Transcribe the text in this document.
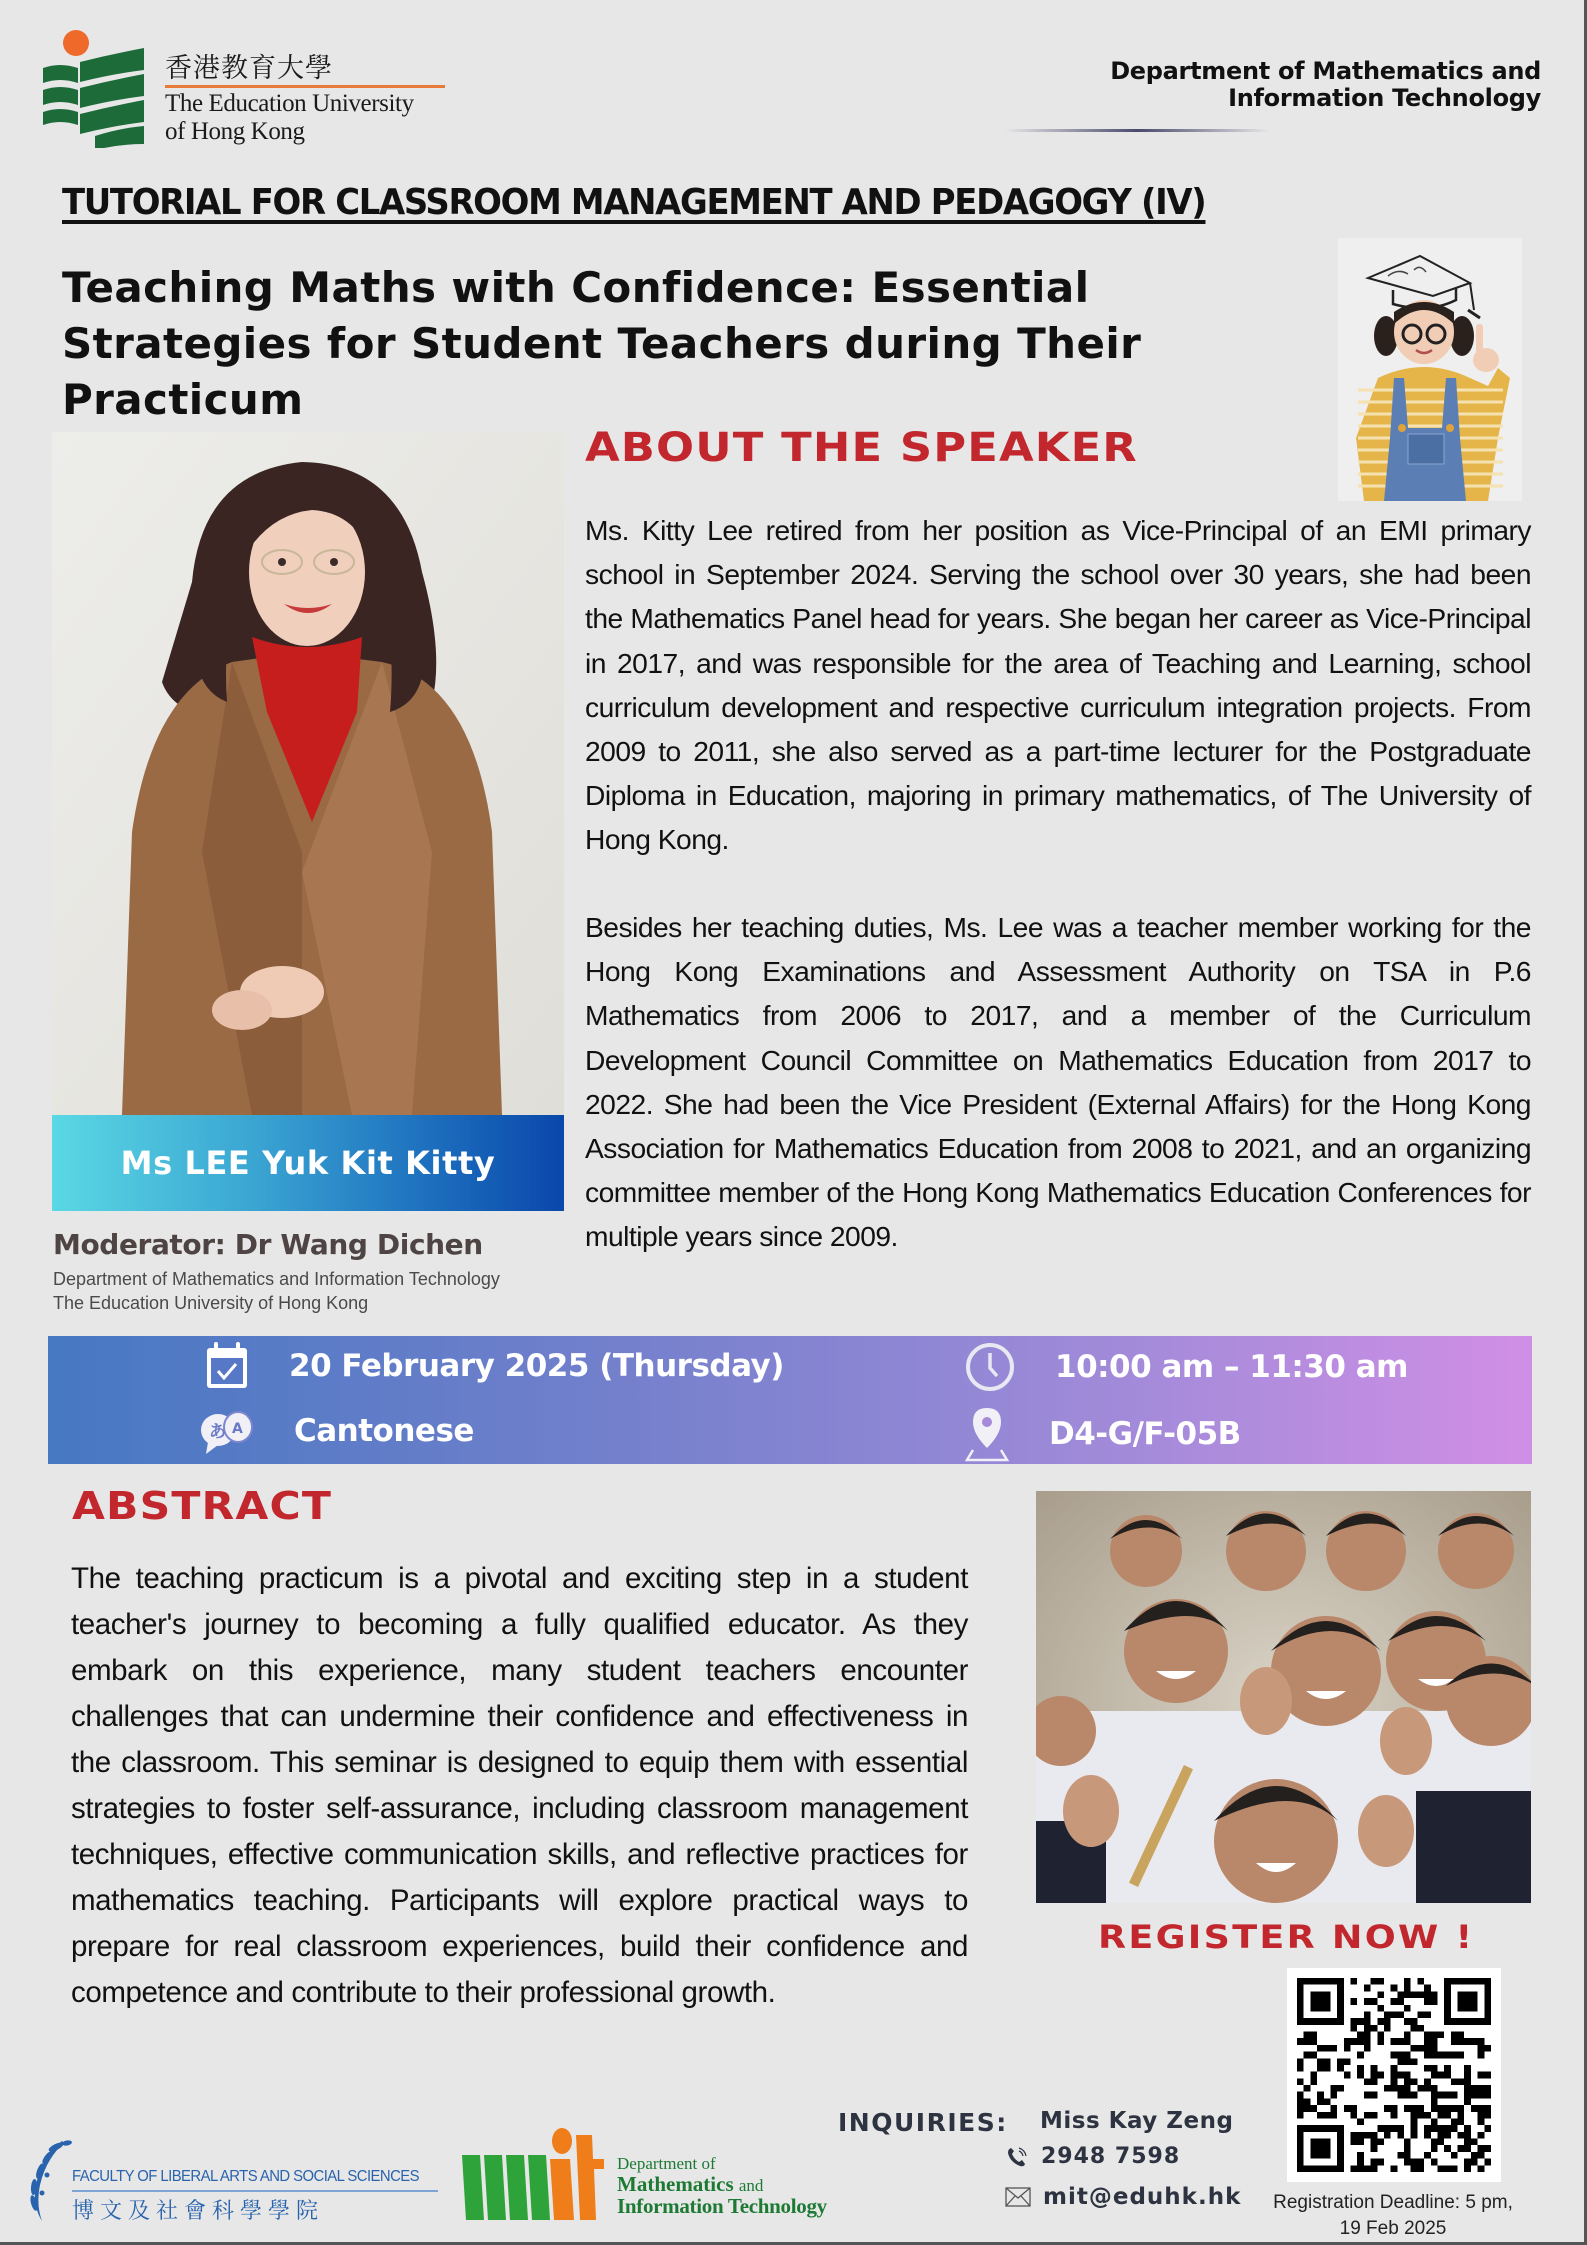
香港教育大學
The Education University
of Hong Kong
Department of Mathematics and
Information Technology
TUTORIAL FOR CLASSROOM MANAGEMENT AND PEDAGOGY (IV)
Teaching Maths with Confidence: Essential Strategies for Student Teachers during Their Practicum
Ms LEE Yuk Kit Kitty
Moderator: Dr Wang Dichen
Department of Mathematics and Information Technology
The Education University of Hong Kong
ABOUT THE SPEAKER
Ms. Kitty Lee retired from her position as Vice-Principal of an EMI primary school in September 2024. Serving the school over 30 years, she had been the Mathematics Panel head for years. She began her career as Vice-Principal in 2017, and was responsible for the area of Teaching and Learning, school curriculum development and respective curriculum integration projects. From 2009 to 2011, she also served as a part-time lecturer for the Postgraduate Diploma in Education, majoring in primary mathematics, of The University of Hong Kong.
Besides her teaching duties, Ms. Lee was a teacher member working for the Hong Kong Examinations and Assessment Authority on TSA in P.6 Mathematics from 2006 to 2017, and a member of the Curriculum Development Council Committee on Mathematics Education from 2017 to 2022. She had been the Vice President (External Affairs) for the Hong Kong Association for Mathematics Education from 2008 to 2021, and an organizing committee member of the Hong Kong Mathematics Education Conferences for multiple years since 2009.
20 February 2025 (Thursday)	10:00 am – 11:30 am
あ A Cantonese	D4-G/F-05B
ABSTRACT
The teaching practicum is a pivotal and exciting step in a student teacher's journey to becoming a fully qualified educator. As they embark on this experience, many student teachers encounter challenges that can undermine their confidence and effectiveness in the classroom. This seminar is designed to equip them with essential strategies to foster self-assurance, including classroom management techniques, effective communication skills, and reflective practices for mathematics teaching. Participants will explore practical ways to prepare for real classroom experiences, build their confidence and competence and contribute to their professional growth.
REGISTER NOW !
Registration Deadline: 5 pm, 19 Feb 2025
INQUIRIES: Miss Kay Zeng
2948 7598
mit@eduhk.hk
FACULTY OF LIBERAL ARTS AND SOCIAL SCIENCES
博文及社會科學學院
Department of
Mathematics and
Information Technology
